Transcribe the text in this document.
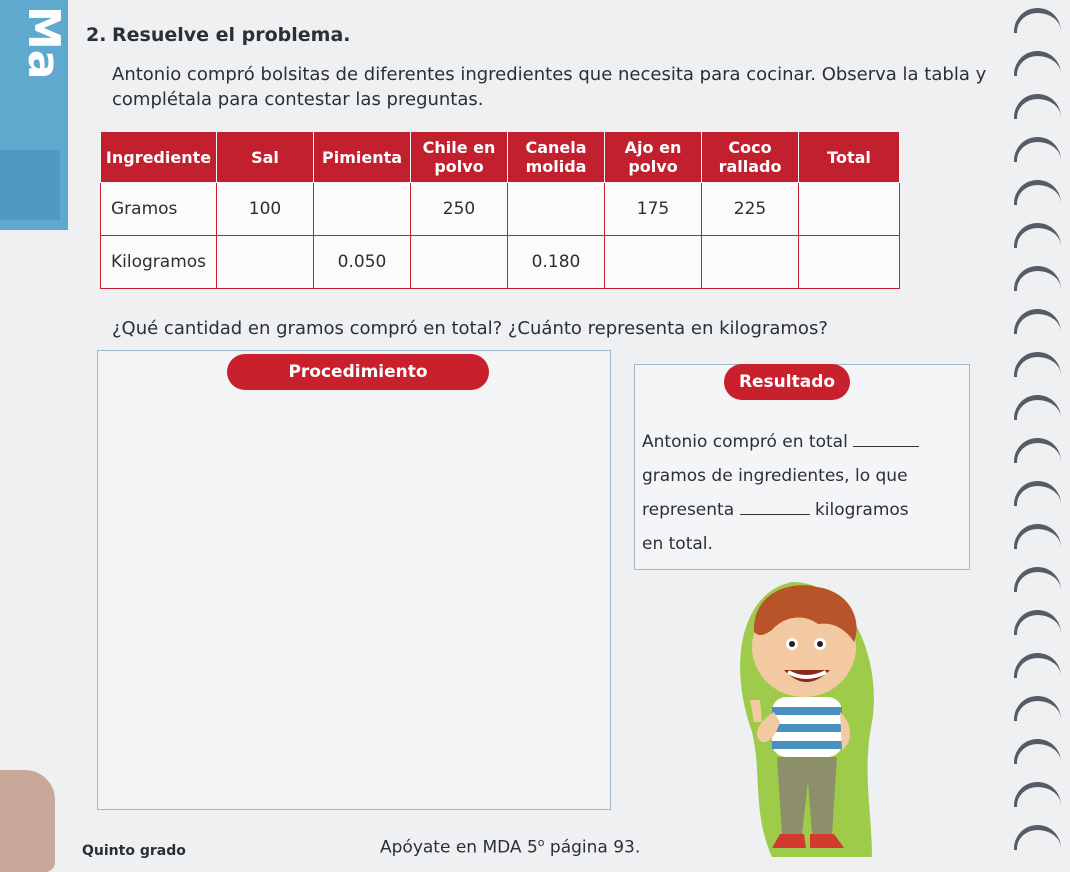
Ma 2. Resuelve el problema.
Antonio compró bolsitas de diferentes ingredientes que necesita para cocinar. Observa la tabla y complétala para contestar las preguntas.
Ingrediente	Sal	Pimienta	Chile en polvo	Canela molida	Ajo en polvo	Coco rallado	Total
Gramos	100		250		175	225	
Kilogramos		0.050		0.180			
¿Qué cantidad en gramos compró en total? ¿Cuánto representa en kilogramos?
Procedimiento	Resultado
Antonio compró en total
gramos de ingredientes, lo que
representa	kilogramos
en total.
Quinto grado	Apóyate en MDA 5$^o$ página 93.
